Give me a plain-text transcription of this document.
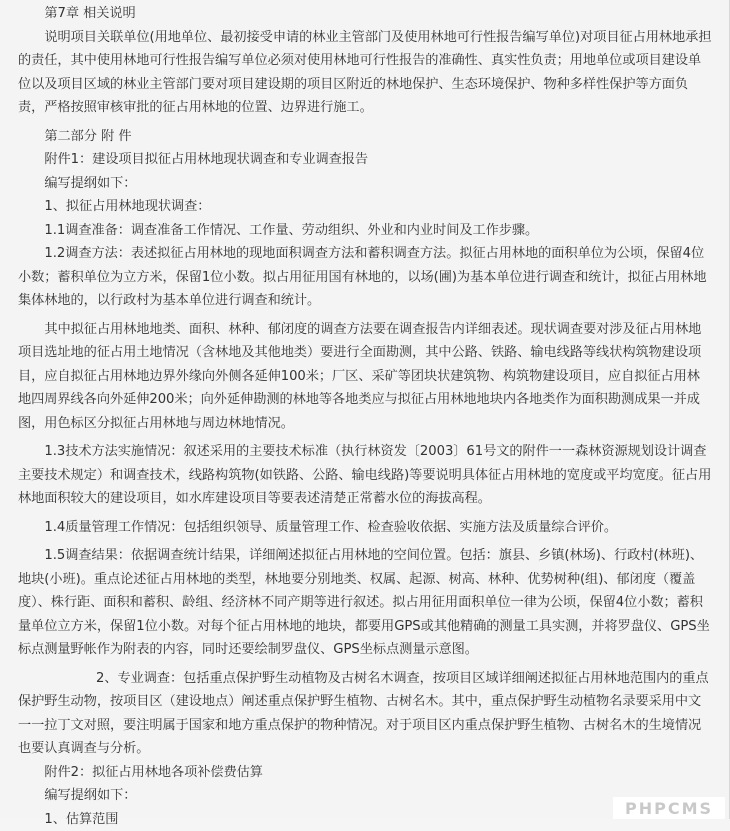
第7章 相关说明
说明项目关联单位(用地单位、最初接受申请的林业主管部门及使用林地可行性报告编写单位)对项目征占用林地承担的责任，其中使用林地可行性报告编写单位必须对使用林地可行性报告的准确性、真实性负责；用地单位或项目建设单位以及项目区域的林业主管部门要对项目建设期的项目区附近的林地保护、生态环境保护、物种多样性保护等方面负责，严格按照审核审批的征占用林地的位置、边界进行施工。
第二部分 附 件
附件1：建设项目拟征占用林地现状调查和专业调查报告
编写提纲如下：
1、拟征占用林地现状调查：
1.1调查准备：调查准备工作情况、工作量、劳动组织、外业和内业时间及工作步骤。
1.2调查方法：表述拟征占用林地的现地面积调查方法和蓄积调查方法。拟征占用林地的面积单位为公顷，保留4位小数；蓄积单位为立方米，保留1位小数。拟占用征用国有林地的，以场(圃)为基本单位进行调查和统计，拟征占用林地集体林地的，以行政村为基本单位进行调查和统计。
其中拟征占用林地地类、面积、林种、郁闭度的调查方法要在调查报告内详细表述。现状调查要对涉及征占用林地项目选址地的征占用土地情况（含林地及其他地类）要进行全面勘测，其中公路、铁路、输电线路等线状构筑物建设项目，应自拟征占用林地边界外缘向外侧各延伸100米；厂区、采矿等团块状建筑物、构筑物建设项目，应自拟征占用林地四周界线各向外延伸200米；向外延伸勘测的林地等各地类应与拟征占用林地地块内各地类作为面积勘测成果一并成图，用色标区分拟征占用林地与周边林地情况。
1.3技术方法实施情况：叙述采用的主要技术标准（执行林资发〔2003〕61号文的附件一一森林资源规划设计调查主要技术规定）和调查技术，线路构筑物(如铁路、公路、输电线路)等要说明具体征占用林地的宽度或平均宽度。征占用林地面积较大的建设项目，如水库建设项目等要表述清楚正常蓄水位的海拔高程。
1.4质量管理工作情况：包括组织领导、质量管理工作、检查验收依据、实施方法及质量综合评价。
1.5调查结果：依据调查统计结果，详细阐述拟征占用林地的空间位置。包括：旗县、乡镇(林场)、行政村(林班)、地块(小班)。重点论述征占用林地的类型，林地要分别地类、权属、起源、树高、林种、优势树种(组)、郁闭度（覆盖度）、株行距、面积和蓄积、龄组、经济林不同产期等进行叙述。拟占用征用面积单位一律为公顷，保留4位小数；蓄积量单位立方米，保留1位小数。对每个征占用林地的地块，都要用GPS或其他精确的测量工具实测，并将罗盘仪、GPS坐标点测量野帐作为附表的内容，同时还要绘制罗盘仪、GPS坐标点测量示意图。
2、专业调查：包括重点保护野生动植物及古树名木调查，按项目区域详细阐述拟征占用林地范围内的重点保护野生动物，按项目区（建设地点）阐述重点保护野生植物、古树名木。其中，重点保护野生动植物名录要采用中文一一拉丁文对照，要注明属于国家和地方重点保护的物种情况。对于项目区内重点保护野生植物、古树名木的生境情况也要认真调查与分析。
附件2：拟征占用林地各项补偿费估算
编写提纲如下：
1、估算范围
PHPCMS
